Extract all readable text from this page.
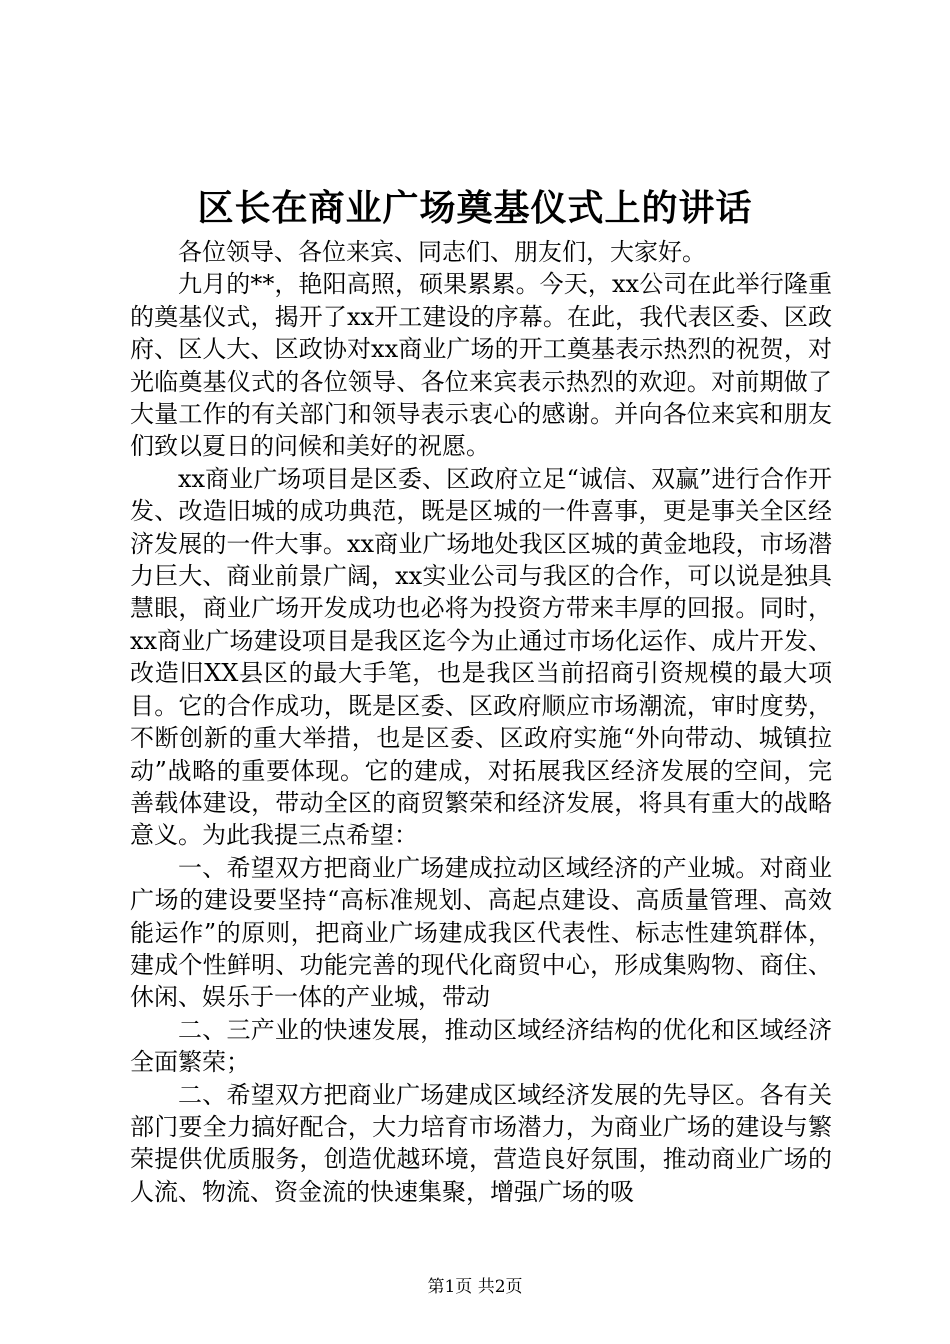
区长在商业广场奠基仪式上的讲话

各位领导、各位来宾、同志们、朋友们，大家好。

九月的**，艳阳高照，硕果累累。今天，xx公司在此举行隆重的奠基仪式，揭开了xx开工建设的序幕。在此，我代表区委、区政府、区人大、区政协对xx商业广场的开工奠基表示热烈的祝贺，对光临奠基仪式的各位领导、各位来宾表示热烈的欢迎。对前期做了大量工作的有关部门和领导表示衷心的感谢。并向各位来宾和朋友们致以夏日的问候和美好的祝愿。

xx商业广场项目是区委、区政府立足“诚信、双赢”进行合作开发、改造旧城的成功典范，既是区城的一件喜事，更是事关全区经济发展的一件大事。xx商业广场地处我区区城的黄金地段，市场潜力巨大、商业前景广阔，xx实业公司与我区的合作，可以说是独具慧眼，商业广场开发成功也必将为投资方带来丰厚的回报。同时，xx商业广场建设项目是我区迄今为止通过市场化运作、成片开发、改造旧XX县区的最大手笔，也是我区当前招商引资规模的最大项目。它的合作成功，既是区委、区政府顺应市场潮流，审时度势，不断创新的重大举措，也是区委、区政府实施“外向带动、城镇拉动”战略的重要体现。它的建成，对拓展我区经济发展的空间，完善载体建设，带动全区的商贸繁荣和经济发展，将具有重大的战略意义。为此我提三点希望：

一、希望双方把商业广场建成拉动区域经济的产业城。对商业广场的建设要坚持“高标准规划、高起点建设、高质量管理、高效能运作”的原则，把商业广场建成我区代表性、标志性建筑群体，建成个性鲜明、功能完善的现代化商贸中心，形成集购物、商住、休闲、娱乐于一体的产业城，带动

二、三产业的快速发展，推动区域经济结构的优化和区域经济全面繁荣；

二、希望双方把商业广场建成区域经济发展的先导区。各有关部门要全力搞好配合，大力培育市场潜力，为商业广场的建设与繁荣提供优质服务，创造优越环境，营造良好氛围，推动商业广场的人流、物流、资金流的快速集聚，增强广场的吸

第1页 共2页
